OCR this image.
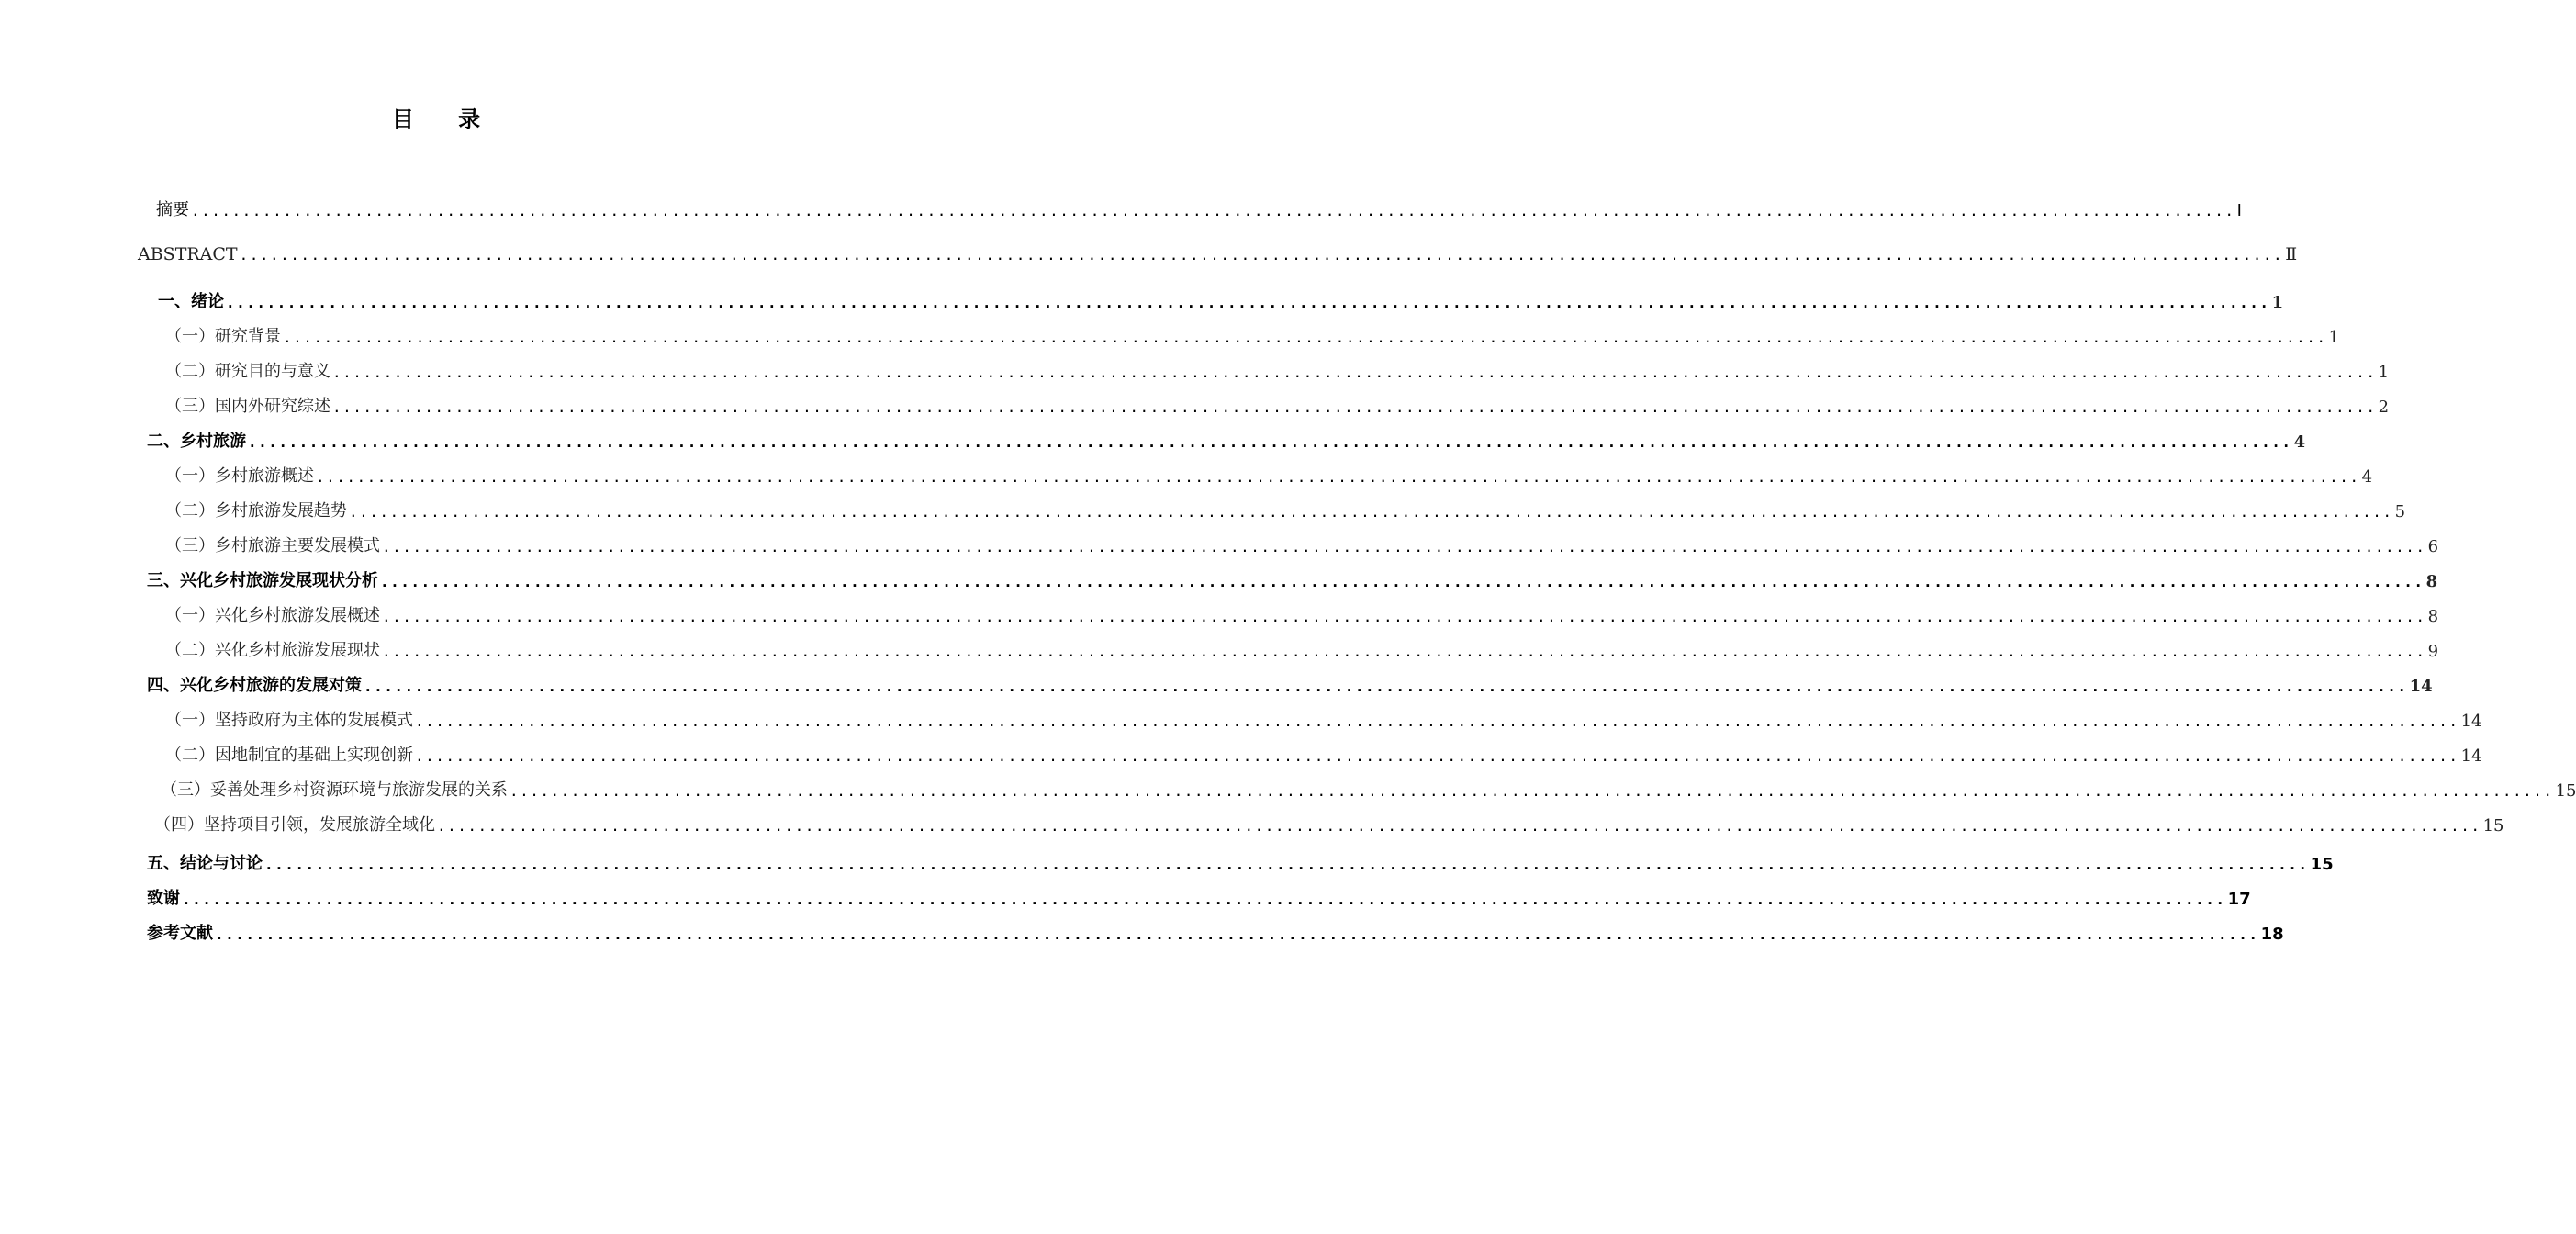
目 录
摘要 ........................................................................................................................................................................................................ Ⅰ
ABSTRACT ........................................................................................................................................................................................................ Ⅱ
一、绪论 ........................................................................................................................................................................................................ 1
（一）研究背景 ........................................................................................................................................................................................................ 1
（二）研究目的与意义 ........................................................................................................................................................................................................ 1
（三）国内外研究综述 ........................................................................................................................................................................................................ 2
二、乡村旅游 ........................................................................................................................................................................................................ 4
（一）乡村旅游概述 ........................................................................................................................................................................................................ 4
（二）乡村旅游发展趋势 ........................................................................................................................................................................................................ 5
（三）乡村旅游主要发展模式 ........................................................................................................................................................................................................ 6
三、兴化乡村旅游发展现状分析 ........................................................................................................................................................................................................ 8
（一）兴化乡村旅游发展概述 ........................................................................................................................................................................................................ 8
（二）兴化乡村旅游发展现状 ........................................................................................................................................................................................................ 9
四、兴化乡村旅游的发展对策 ........................................................................................................................................................................................................ 14
（一）坚持政府为主体的发展模式 ........................................................................................................................................................................................................ 14
（二）因地制宜的基础上实现创新 ........................................................................................................................................................................................................ 14
（三）妥善处理乡村资源环境与旅游发展的关系 ........................................................................................................................................................................................................ 15
（四）坚持项目引领，发展旅游全域化 ........................................................................................................................................................................................................ 15
五、结论与讨论 ........................................................................................................................................................................................................ 15
致谢 ........................................................................................................................................................................................................ 17
参考文献 ........................................................................................................................................................................................................ 18
